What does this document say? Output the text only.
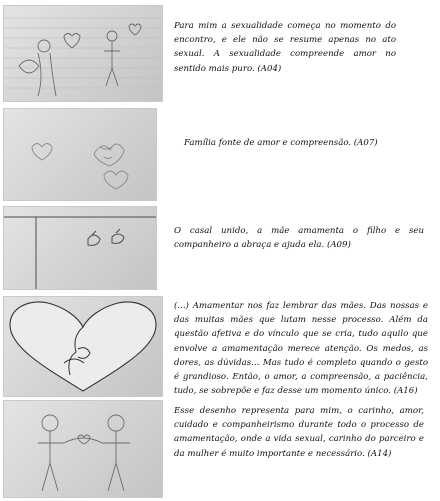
Para mim a sexualidade começa no momento do encontro, e ele não se resume apenas no ato sexual. A sexualidade compreende amor no sentido mais puro. (A04)
Família fonte de amor e compreensão. (A07)
O casal unido, a mãe amamenta o filho e seu companheiro a abraça e ajuda ela. (A09)
(...) Amamentar nos faz lembrar das mães. Das nossas e das muitas mães que lutam nesse processo. Além da questão afetiva e do vínculo que se cria, tudo aquilo que envolve a amamentação merece atenção. Os medos, as dores, as dúvidas... Mas tudo é completo quando o gesto é grandioso. Então, o amor, a compreensão, a paciência, tudo, se sobrepõe e faz desse um momento único. (A16)
Esse desenho representa para mim, o carinho, amor, cuidado e companheirismo durante todo o processo de amamentação, onde a vida sexual, carinho do parceiro e da mulher é muito importante e necessário. (A14)
